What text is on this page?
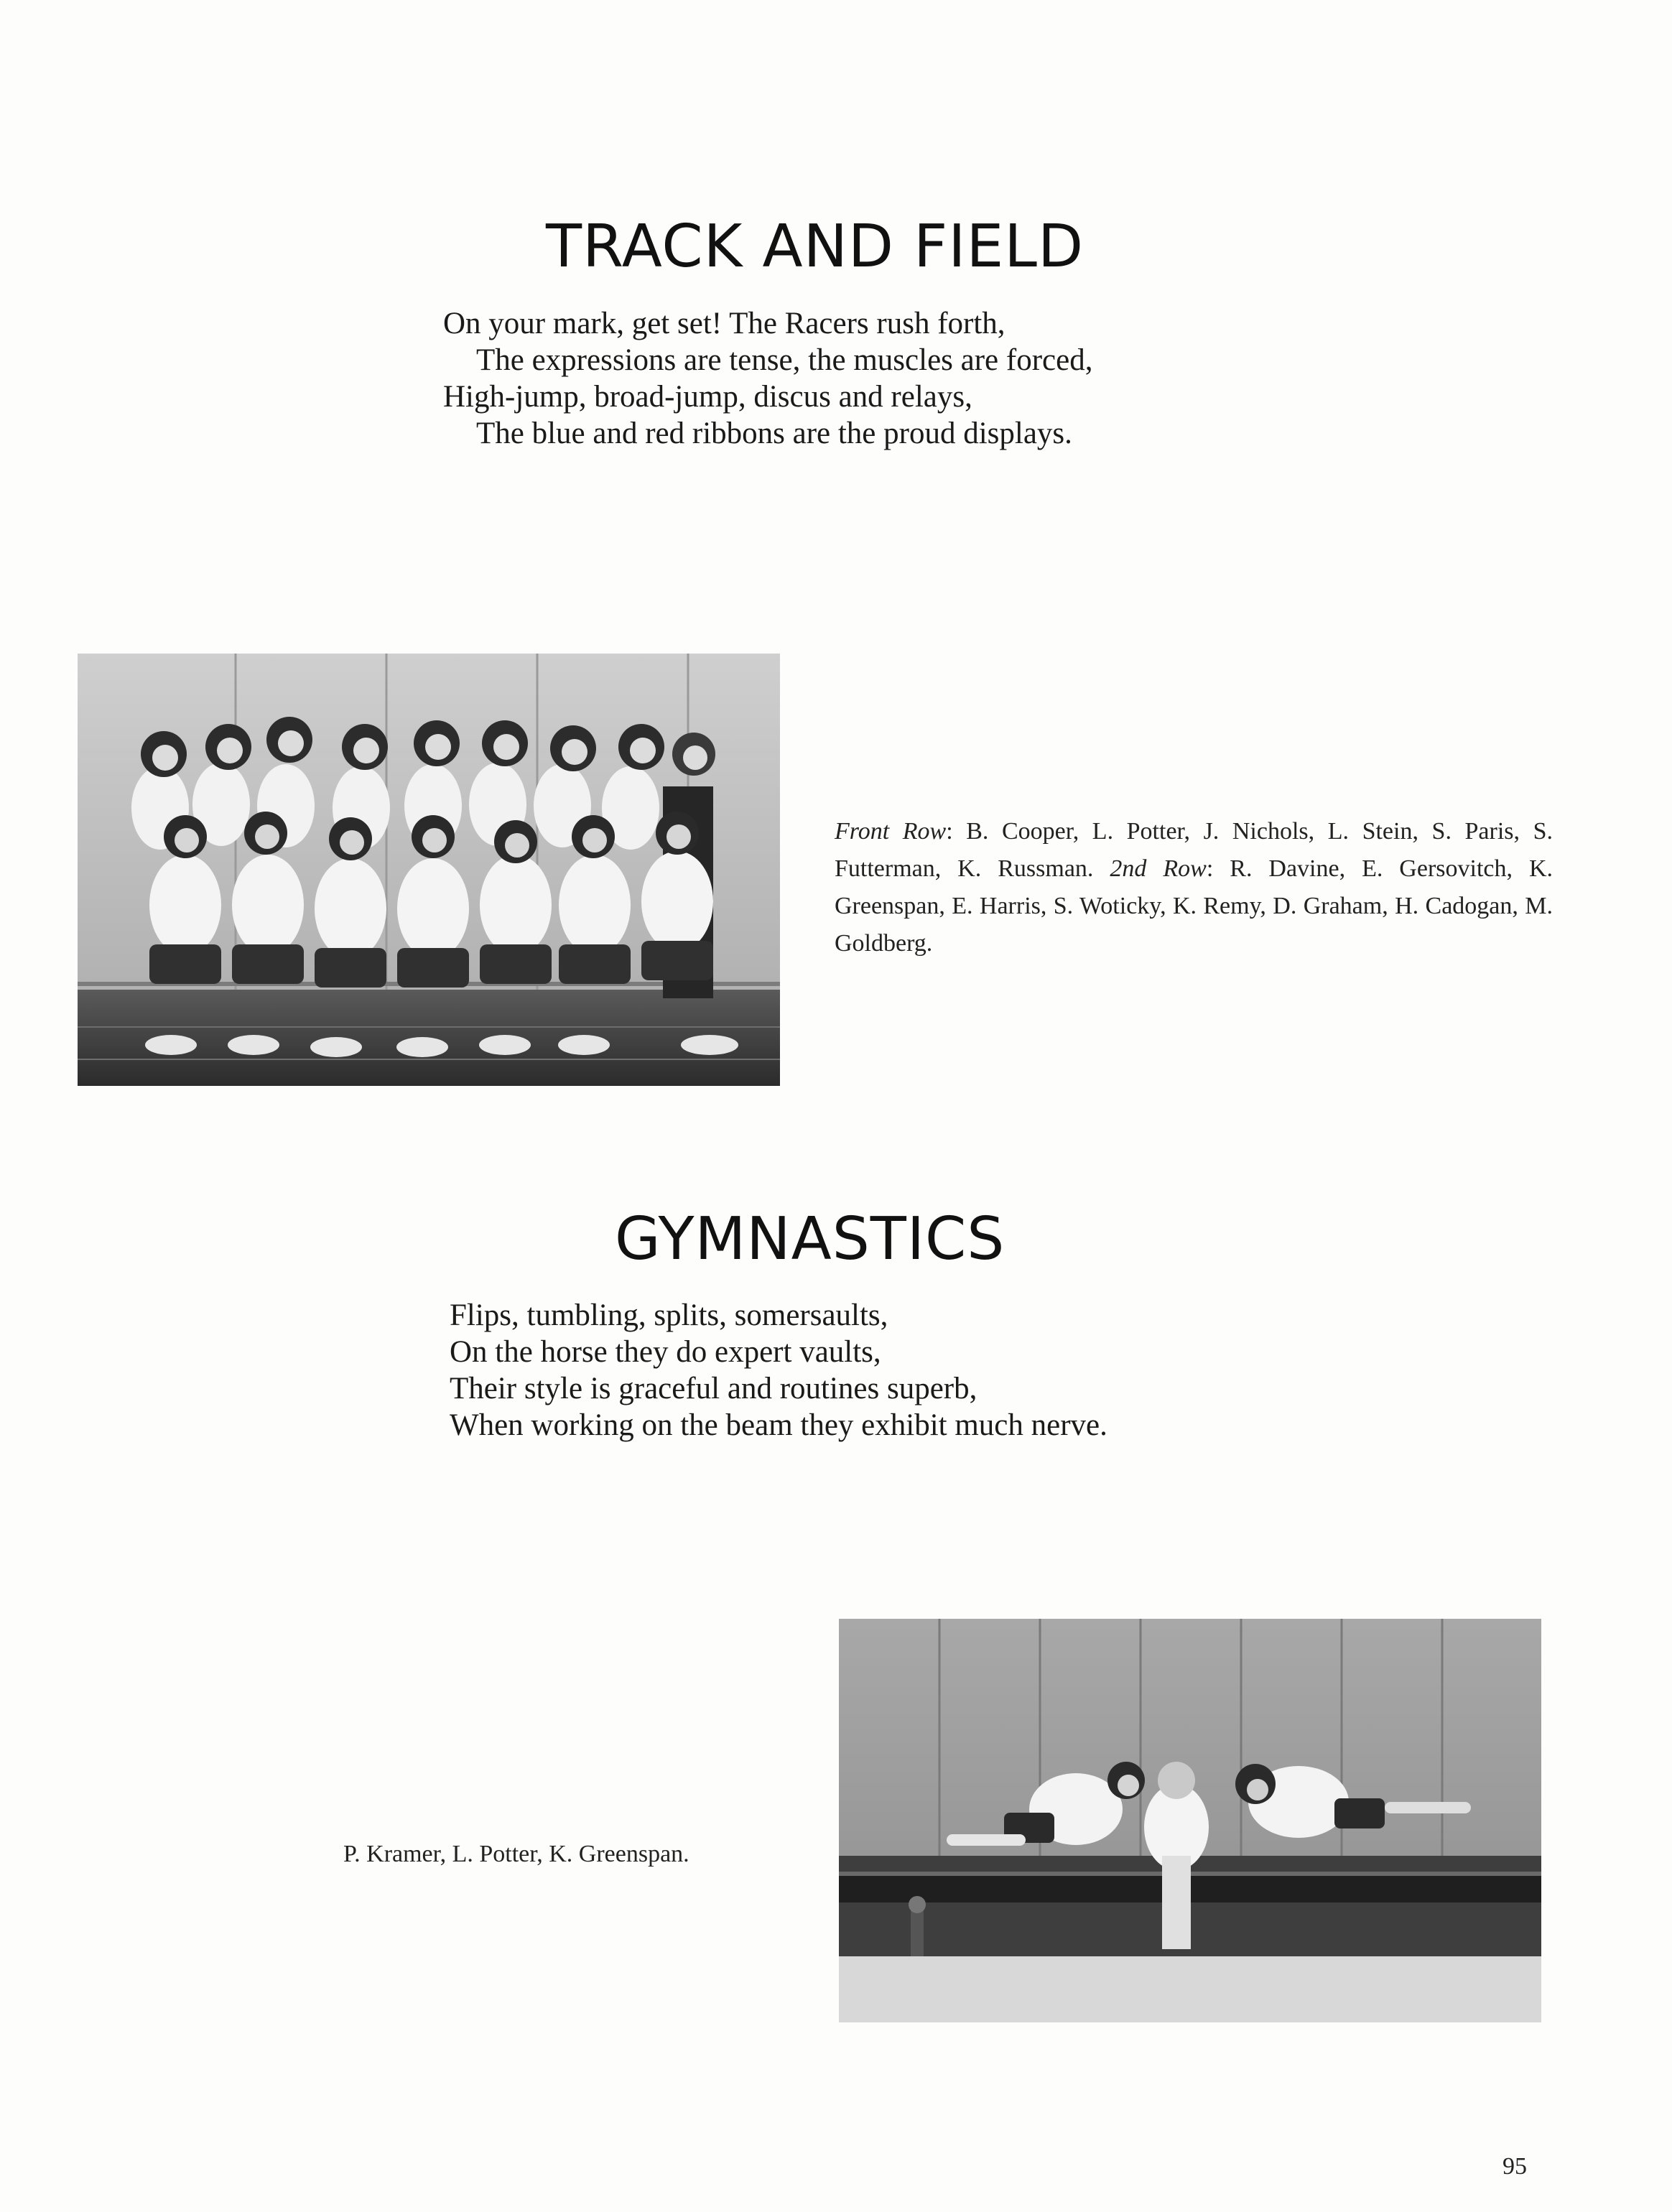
TRACK AND FIELD
On your mark, get set! The Racers rush forth,
The expressions are tense, the muscles are forced,
High-jump, broad-jump, discus and relays,
The blue and red ribbons are the proud displays.

Front Row: B. Cooper, L. Potter, J. Nichols, L. Stein, S. Paris, S. Futterman, K. Russman. 2nd Row: R. Davine, E. Gersovitch, K. Greenspan, E. Harris, S. Woticky, K. Remy, D. Graham, H. Cadogan, M. Goldberg.

GYMNASTICS
Flips, tumbling, splits, somersaults,
On the horse they do expert vaults,
Their style is graceful and routines superb,
When working on the beam they exhibit much nerve.

P. Kramer, L. Potter, K. Greenspan.

95
